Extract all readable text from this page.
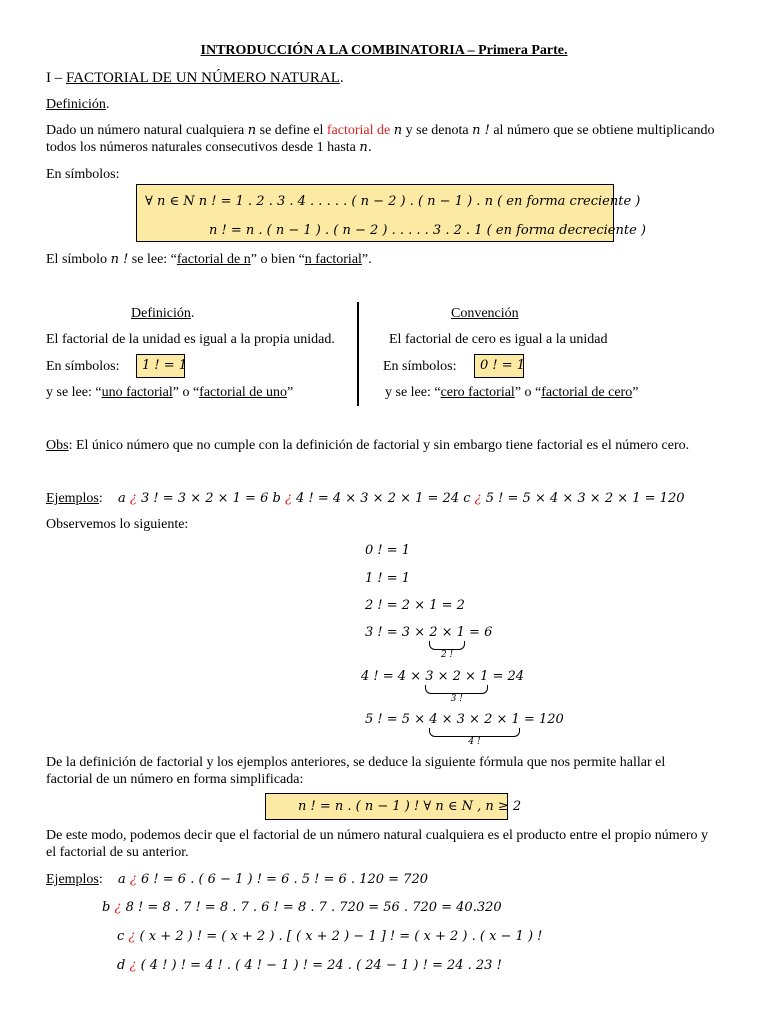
INTRODUCCIÓN A LA COMBINATORIA – Primera Parte.
I – FACTORIAL DE UN NÚMERO NATURAL.
Definición.
Dado un número natural cualquiera n se define el factorial de n y se denota n ! al número que se obtiene multiplicando
todos los números naturales consecutivos desde 1 hasta n.
En símbolos:
∀ n ∈ N n ! = 1 . 2 . 3 . 4 . . . . . ( n − 2 ) . ( n − 1 ) . n ( en forma creciente )
n ! = n . ( n − 1 ) . ( n − 2 ) . . . . . 3 . 2 . 1 ( en forma decreciente )
El símbolo n ! se lee: “factorial de n” o bien “n factorial”.
Definición.	Convención
El factorial de la unidad es igual a la propia unidad.	El factorial de cero es igual a la unidad
En símbolos: 1 ! = 1	En símbolos: 0 ! = 1
y se lee: “uno factorial” o “factorial de uno”	y se lee: “cero factorial” o “factorial de cero”
Obs: El único número que no cumple con la definición de factorial y sin embargo tiene factorial es el número cero.
Ejemplos: a ¿ 3 ! = 3 × 2 × 1 = 6 b ¿ 4 ! = 4 × 3 × 2 × 1 = 24 c ¿ 5 ! = 5 × 4 × 3 × 2 × 1 = 120
Observemos lo siguiente:
0 ! = 1
1 ! = 1
2 ! = 2 × 1 = 2
3 ! = 3 × 2 × 1
2 !
= 6
4 ! = 4 × 3 × 2 × 1
3 !
= 24
5 ! = 5 × 4 × 3 × 2 × 1
4 !
= 120
De la definición de factorial y los ejemplos anteriores, se deduce la siguiente fórmula que nos permite hallar el
factorial de un número en forma simplificada:
n ! = n . ( n − 1 ) ! ∀ n ∈ N , n ≥ 2
De este modo, podemos decir que el factorial de un número natural cualquiera es el producto entre el propio número y
el factorial de su anterior.
Ejemplos: a ¿ 6 ! = 6 . ( 6 − 1 ) ! = 6 . 5 ! = 6 . 120 = 720
b ¿ 8 ! = 8 . 7 ! = 8 . 7 . 6 ! = 8 . 7 . 720 = 56 . 720 = 40.320
c ¿ ( x + 2 ) ! = ( x + 2 ) . [ ( x + 2 ) − 1 ] ! = ( x + 2 ) . ( x − 1 ) !
d ¿ ( 4 ! ) ! = 4 ! . ( 4 ! − 1 ) ! = 24 . ( 24 − 1 ) ! = 24 . 23 !
